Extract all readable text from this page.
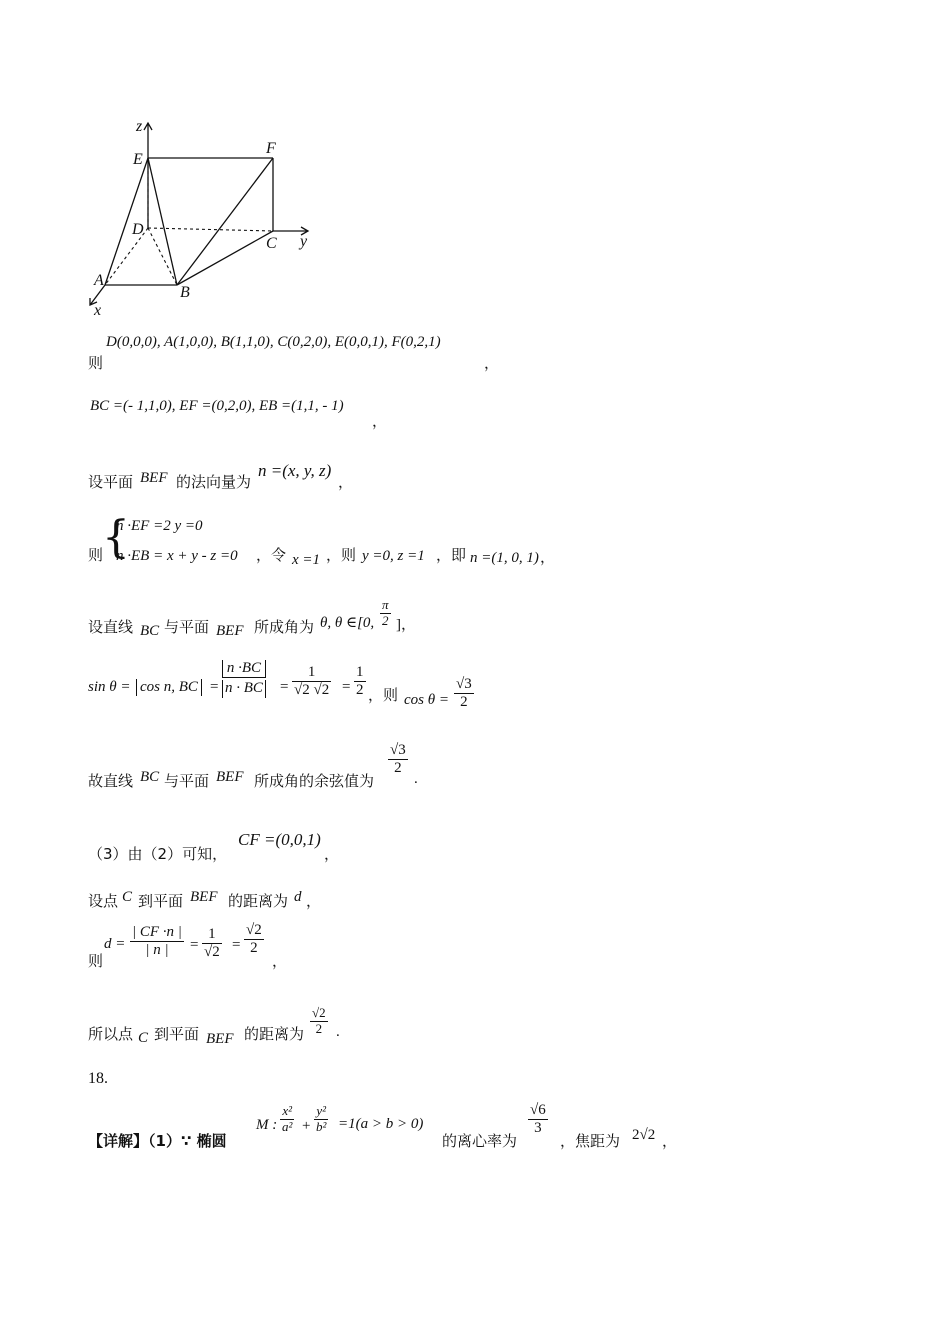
z
E
F
D
C y
A
B
x
D(0,0,0), A(1,0,0), B(1,1,0), C(0,2,0), E(0,0,1), F(0,2,1)
则	，
BC =(- 1,1,0), EF =(0,2,0), EB =(1,1, - 1)
，
设平面 BEF 的法向量为
n =(x, y, z)
，
则
{
n ·EF =2 y =0
n ·EB = x + y - z =0 ，令 x =1 ，则 y =0, z =1 ，即 n =(1, 0, 1) ，
设直线 BC 与平面 BEF 所成角为 θ, θ ∈[0, $\frac{\pi}{2}$ ]，
sin θ = cos n, BC = $\frac{n \cdot BC}{n \cdot BC} = \frac{1}{√2 √2} = \frac{1}{2}$ ，则 $\cos \theta = \frac{√3}{2}$
故直线 BC 与平面 BEF 所成角的余弦值为
$\frac{√3}{2}$
.
（3）由（2）可知，
CF =(0,0,1)
，
设点 C 到平面 BEF 的距离为 d ，
则
$d = \frac{| CF \cdot n |}{| n |} = \frac{1}{√2} = \frac{√2}{2}$
，
所以点 C 到平面 BEF 的距离为 $\frac{√2}{2}$ .
18.
【详解】（1）∵ 椭圆
M : $\frac{\text{x²}}{\text{a²}} + \frac{\text{y²}}{\text{b²}} =1(a > b > 0)$
的离心率为
$\frac{√6}{3}$
，焦距为 2√2 ，
